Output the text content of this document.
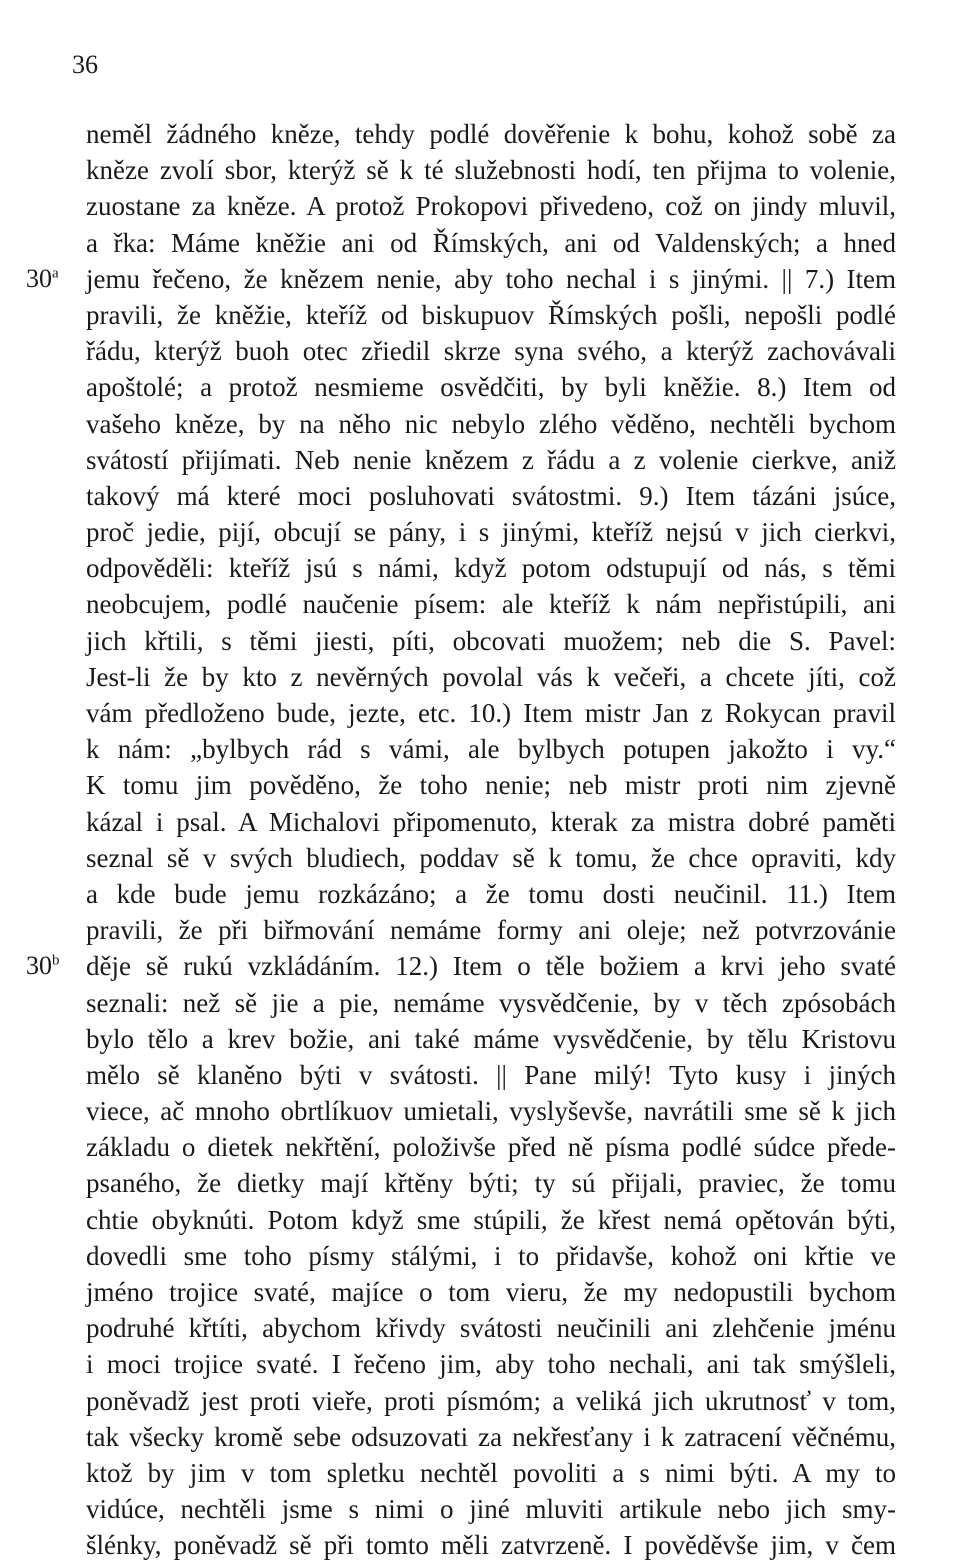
36
neměl žádného kněze, tehdy podlé dověřenie k bohu, kohož sobě za
kněze zvolí sbor, kterýž sě k té služebnosti hodí, ten přijma to volenie,
zuostane za kněze. A protož Prokopovi přivedeno, což on jindy mluvil,
a řka: Máme kněžie ani od Římských, ani od Valdenských; a hned
jemu řečeno, že knězem nenie, aby toho nechal i s jinými. || 7.) Item
30$^a$
pravili, že kněžie, kteříž od biskupuov Římských pošli, nepošli podlé
řádu, kterýž buoh otec zřiedil skrze syna svého, a kterýž zachovávali
apoštolé; a protož nesmieme osvědčiti, by byli kněžie. 8.) Item od
vašeho kněze, by na něho nic nebylo zlého věděno, nechtěli bychom
svátostí přijímati. Neb nenie knězem z řádu a z volenie cierkve, aniž
takový má které moci posluhovati svátostmi. 9.) Item tázáni jsúce,
proč jedie, pijí, obcují se pány, i s jinými, kteříž nejsú v jich cierkvi,
odpověděli: kteříž jsú s námi, když potom odstupují od nás, s těmi
neobcujem, podlé naučenie písem: ale kteříž k nám nepřistúpili, ani
jich křtili, s těmi jiesti, píti, obcovati muožem; neb die S. Pavel:
Jest-li že by kto z nevěrných povolal vás k večeři, a chcete jíti, což
vám předloženo bude, jezte, etc. 10.) Item mistr Jan z Rokycan pravil
k nám: „bylbych rád s vámi, ale bylbych potupen jakožto i vy.“
K tomu jim pověděno, že toho nenie; neb mistr proti nim zjevně
kázal i psal. A Michalovi připomenuto, kterak za mistra dobré paměti
seznal sě v svých bludiech, poddav sě k tomu, že chce opraviti, kdy
a kde bude jemu rozkázáno; a že tomu dosti neučinil. 11.) Item
pravili, že při biřmování nemáme formy ani oleje; než potvrzovánie
děje sě rukú vzkládáním. 12.) Item o těle božiem a krvi jeho svaté
30$^b$
seznali: než sě jie a pie, nemáme vysvědčenie, by v těch zpósobách
bylo tělo a krev božie, ani také máme vysvědčenie, by tělu Kristovu
mělo sě klaněno býti v svátosti. || Pane milý! Tyto kusy i jiných
viece, ač mnoho obrtlíkuov umietali, vyslyševše, navrátili sme sě k jich
základu o dietek nekřtění, položivše před ně písma podlé súdce přede-
psaného, že dietky mají křtěny býti; ty sú přijali, praviec, že tomu
chtie obyknúti. Potom když sme stúpili, že křest nemá opětován býti,
dovedli sme toho písmy stálými, i to přidavše, kohož oni křtie ve
jméno trojice svaté, majíce o tom vieru, že my nedopustili bychom
podruhé křtíti, abychom křivdy svátosti neučinili ani zlehčenie jménu
i moci trojice svaté. I řečeno jim, aby toho nechali, ani tak smýšleli,
poněvadž jest proti vieře, proti písmóm; a veliká jich ukrutnosť v tom,
tak všecky kromě sebe odsuzovati za nekřesťany i k zatracení věčnému,
ktož by jim v tom spletku nechtěl povoliti a s nimi býti. A my to
vidúce, nechtěli jsme s nimi o jiné mluviti artikule nebo jich smy-
šlénky, poněvadž sě při tomto měli zatvrzeně. I pověděvše jim, v čem
